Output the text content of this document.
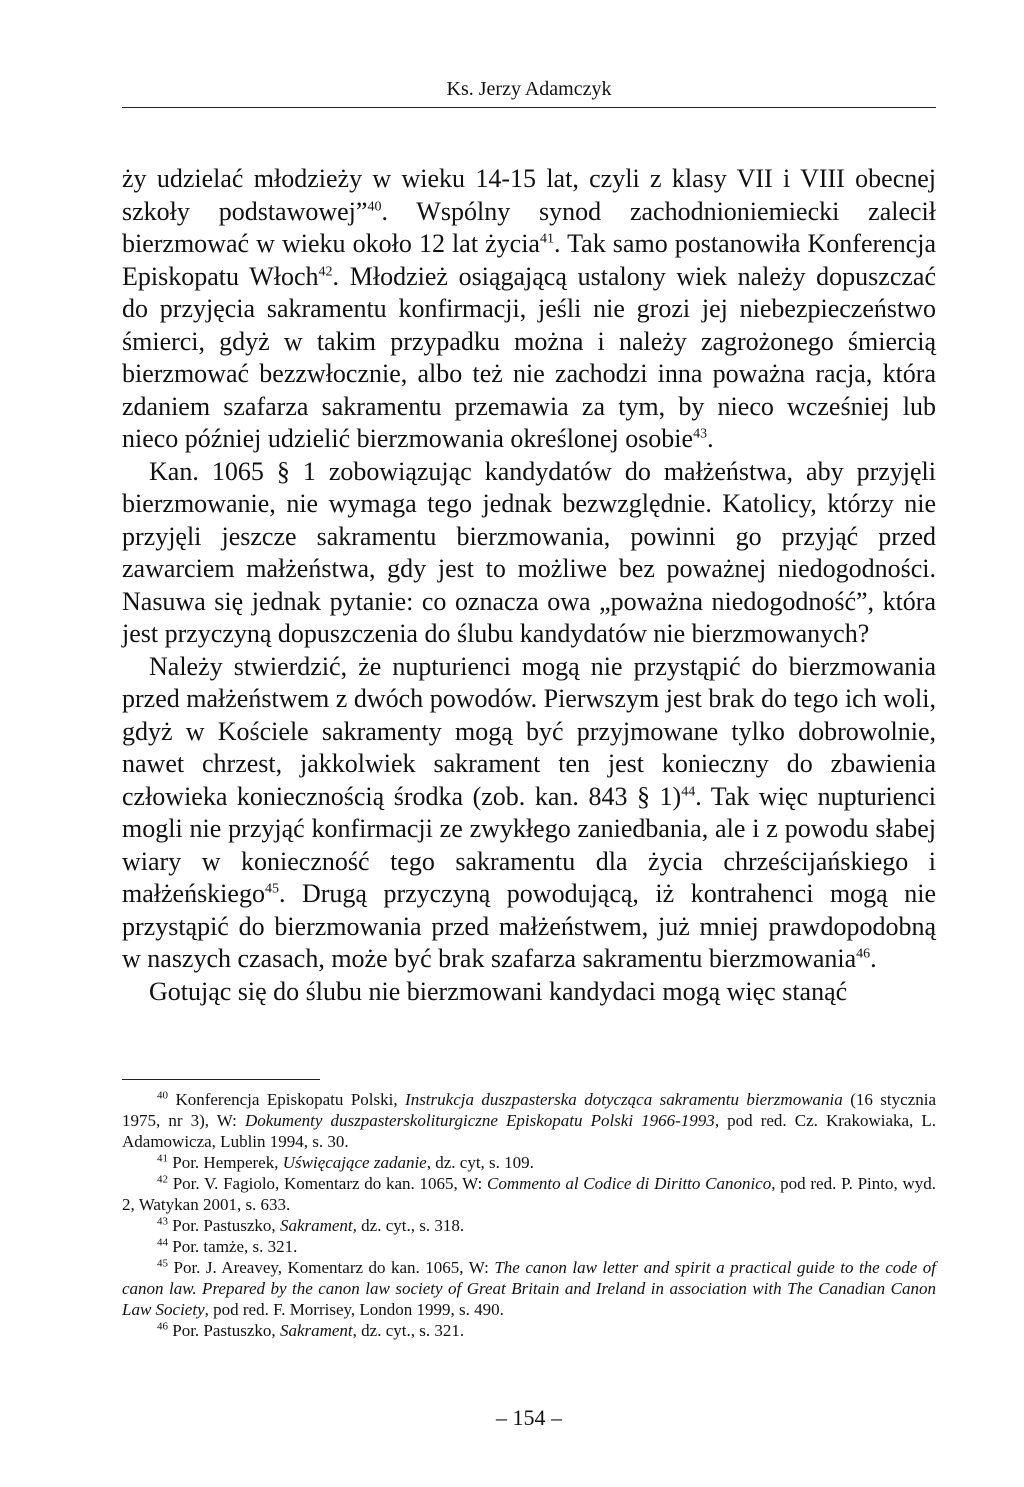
Ks. Jerzy Adamczyk

ży udzielać młodzieży w wieku 14-15 lat, czyli z klasy VII i VIII obecnej szkoły podstawowej”$^{40}$. Wspólny synod zachodnioniemiecki zalecił bierzmować w wieku około 12 lat życia$^{41}$. Tak samo postanowiła Konferencja Episkopatu Włoch$^{42}$. Młodzież osiągającą ustalony wiek należy dopuszczać do przyjęcia sakramentu konfirmacji, jeśli nie grozi jej niebezpieczeństwo śmierci, gdyż w takim przypadku można i należy zagrożonego śmiercią bierzmować bezzwłocznie, albo też nie zachodzi inna poważna racja, która zdaniem szafarza sakramentu przemawia za tym, by nieco wcześniej lub nieco później udzielić bierzmowania określonej osobie$^{43}$.

Kan. 1065 § 1 zobowiązując kandydatów do małżeństwa, aby przyjęli bierzmowanie, nie wymaga tego jednak bezwzględnie. Katolicy, którzy nie przyjęli jeszcze sakramentu bierzmowania, powinni go przyjąć przed zawarciem małżeństwa, gdy jest to możliwe bez poważnej niedogodności. Nasuwa się jednak pytanie: co oznacza owa „poważna niedogodność”, która jest przyczyną dopuszczenia do ślubu kandydatów nie bierzmowanych?

Należy stwierdzić, że nupturienci mogą nie przystąpić do bierzmowania przed małżeństwem z dwóch powodów. Pierwszym jest brak do tego ich woli, gdyż w Kościele sakramenty mogą być przyjmowane tylko dobrowolnie, nawet chrzest, jakkolwiek sakrament ten jest konieczny do zbawienia człowieka koniecznością środka (zob. kan. 843 § 1)$^{44}$. Tak więc nupturienci mogli nie przyjąć konfirmacji ze zwykłego zaniedbania, ale i z powodu słabej wiary w konieczność tego sakramentu dla życia chrześcijańskiego i małżeńskiego$^{45}$. Drugą przyczyną powodującą, iż kontrahenci mogą nie przystąpić do bierzmowania przed małżeństwem, już mniej prawdopodobną w naszych czasach, może być brak szafarza sakramentu bierzmowania$^{46}$.

Gotując się do ślubu nie bierzmowani kandydaci mogą więc stanąć

$^{40}$ Konferencja Episkopatu Polski, Instrukcja duszpasterska dotycząca sakramentu bierzmowania (16 stycznia 1975, nr 3), W: Dokumenty duszpasterskoliturgiczne Episkopatu Polski 1966-1993, pod red. Cz. Krakowiaka, L. Adamowicza, Lublin 1994, s. 30.

$^{41}$ Por. Hemperek, Uświęcające zadanie, dz. cyt, s. 109.

$^{42}$ Por. V. Fagiolo, Komentarz do kan. 1065, W: Commento al Codice di Diritto Canonico, pod red. P. Pinto, wyd. 2, Watykan 2001, s. 633.

$^{43}$ Por. Pastuszko, Sakrament, dz. cyt., s. 318.

$^{44}$ Por. tamże, s. 321.

$^{45}$ Por. J. Areavey, Komentarz do kan. 1065, W: The canon law letter and spirit a practical guide to the code of canon law. Prepared by the canon law society of Great Britain and Ireland in association with The Canadian Canon Law Society, pod red. F. Morrisey, London 1999, s. 490.

$^{46}$ Por. Pastuszko, Sakrament, dz. cyt., s. 321.

– 154 –
